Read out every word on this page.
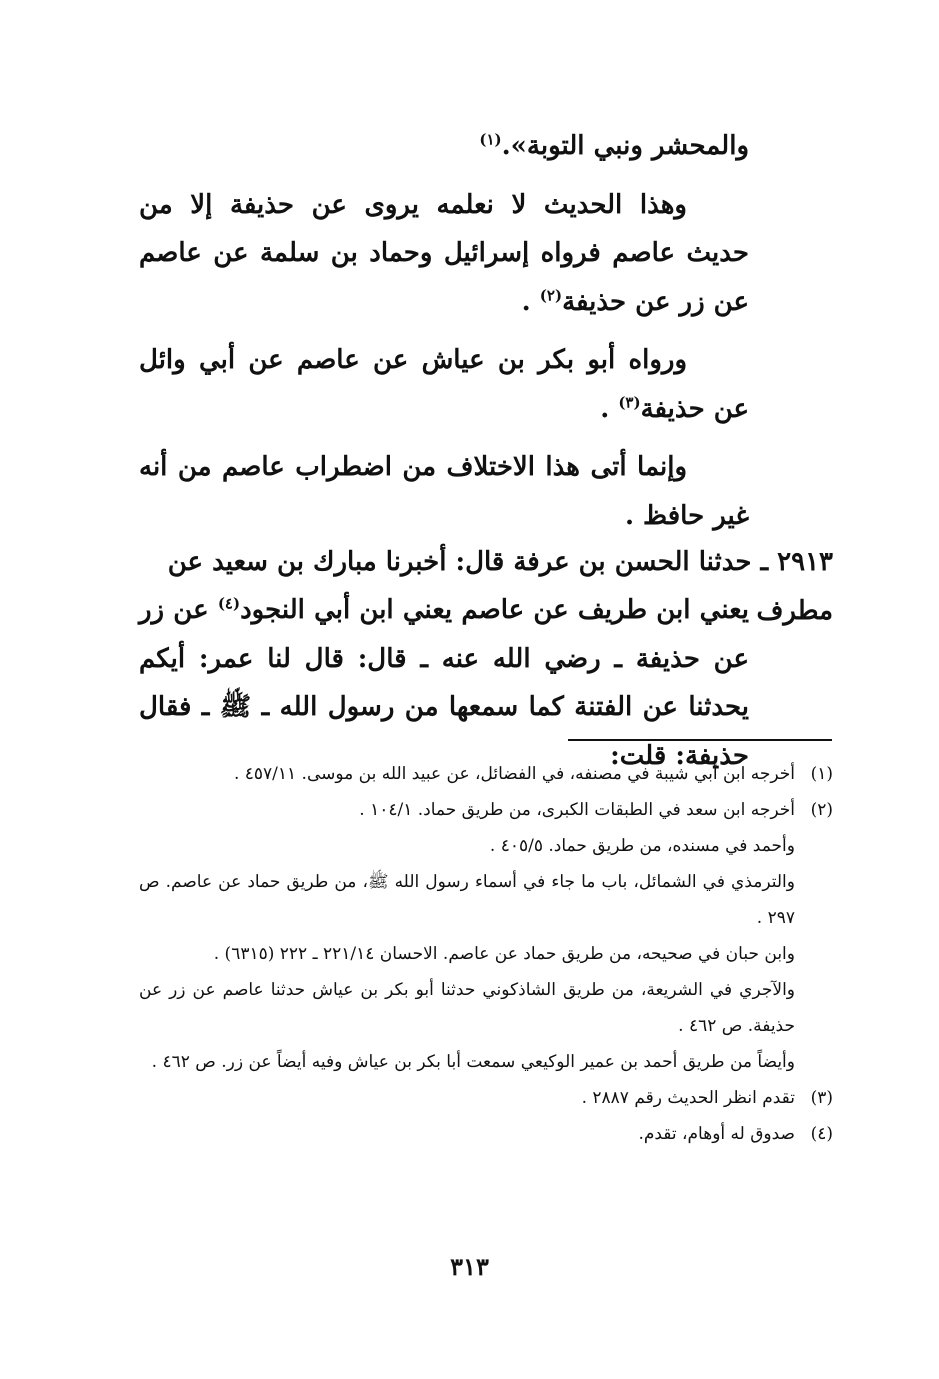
والمحشر ونبي التوبة».$^{(١)}$

وهذا الحديث لا نعلمه يروى عن حذيفة إلا من حديث عاصم فرواه إسرائيل وحماد بن سلمة عن عاصم عن زر عن حذيفة$^{(٢)}$ .

ورواه أبو بكر بن عياش عن عاصم عن أبي وائل عن حذيفة$^{(٣)}$ .

وإنما أتى هذا الاختلاف من اضطراب عاصم من أنه غير حافظ .

٢٩١٣ ـ حدثنا الحسن بن عرفة قال: أخبرنا مبارك بن سعيد عن مطرف

يعني ابن طريف عن عاصم يعني ابن أبي النجود$^{(٤)}$ عن زر عن حذيفة ـ رضي الله عنه ـ قال: قال لنا عمر: أيكم يحدثنا عن الفتنة كما سمعها من رسول الله ـ ﷺ ـ فقال حذيفة: قلت:

(١)
أخرجه ابن أبي شيبة في مصنفه، في الفضائل، عن عبيد الله بن موسى. ٤٥٧/١١ .
(٢)
أخرجه ابن سعد في الطبقات الكبرى، من طريق حماد. ١٠٤/١ .
وأحمد في مسنده، من طريق حماد. ٤٠٥/٥ .
والترمذي في الشمائل، باب ما جاء في أسماء رسول الله ﷺ، من طريق حماد عن عاصم. ص ٢٩٧ .
وابن حبان في صحيحه، من طريق حماد عن عاصم. الاحسان ٢٢١/١٤ ـ ٢٢٢ (٦٣١٥) .
والآجري في الشريعة، من طريق الشاذكوني حدثنا أبو بكر بن عياش حدثنا عاصم عن زر عن حذيفة. ص ٤٦٢ .
وأيضاً من طريق أحمد بن عمير الوكيعي سمعت أبا بكر بن عياش وفيه أيضاً عن زر. ص ٤٦٢ .
(٣)
تقدم انظر الحديث رقم ٢٨٨٧ .
(٤)
صدوق له أوهام، تقدم.
٣١٣
